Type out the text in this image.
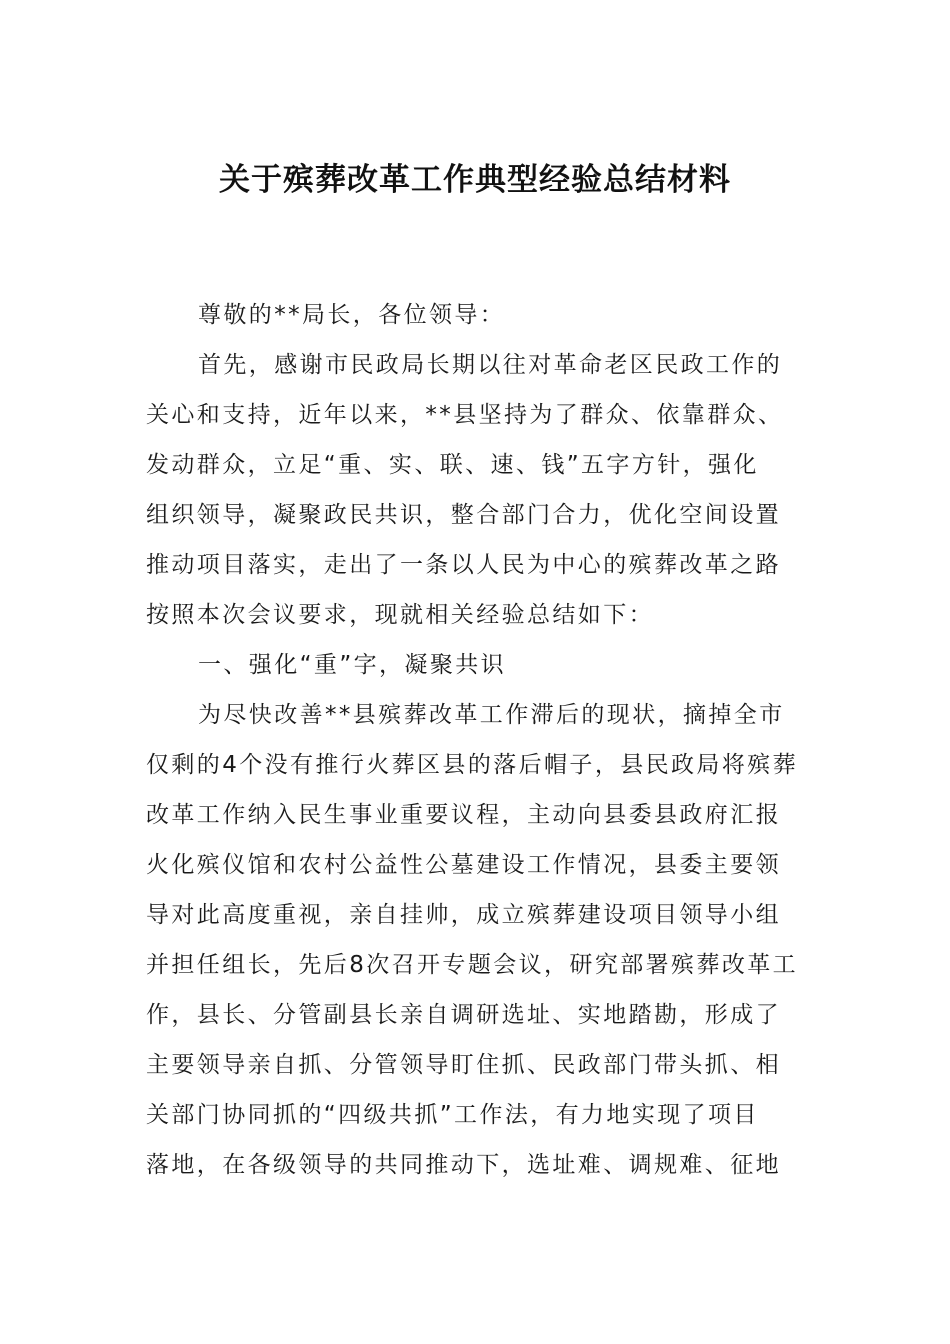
关于殡葬改革工作典型经验总结材料
尊敬的**局长，各位领导：
首先，感谢市民政局长期以往对革命老区民政工作的
关心和支持，近年以来，**县坚持为了群众、依靠群众、
发动群众，立足“重、实、联、速、钱”五字方针，强化
组织领导，凝聚政民共识，整合部门合力，优化空间设置
推动项目落实，走出了一条以人民为中心的殡葬改革之路
按照本次会议要求，现就相关经验总结如下：
一、强化“重”字，凝聚共识
为尽快改善**县殡葬改革工作滞后的现状，摘掉全市
仅剩的4个没有推行火葬区县的落后帽子，县民政局将殡葬
改革工作纳入民生事业重要议程，主动向县委县政府汇报
火化殡仪馆和农村公益性公墓建设工作情况，县委主要领
导对此高度重视，亲自挂帅，成立殡葬建设项目领导小组
并担任组长，先后8次召开专题会议，研究部署殡葬改革工
作，县长、分管副县长亲自调研选址、实地踏勘，形成了
主要领导亲自抓、分管领导盯住抓、民政部门带头抓、相
关部门协同抓的“四级共抓”工作法，有力地实现了项目
落地，在各级领导的共同推动下，选址难、调规难、征地
